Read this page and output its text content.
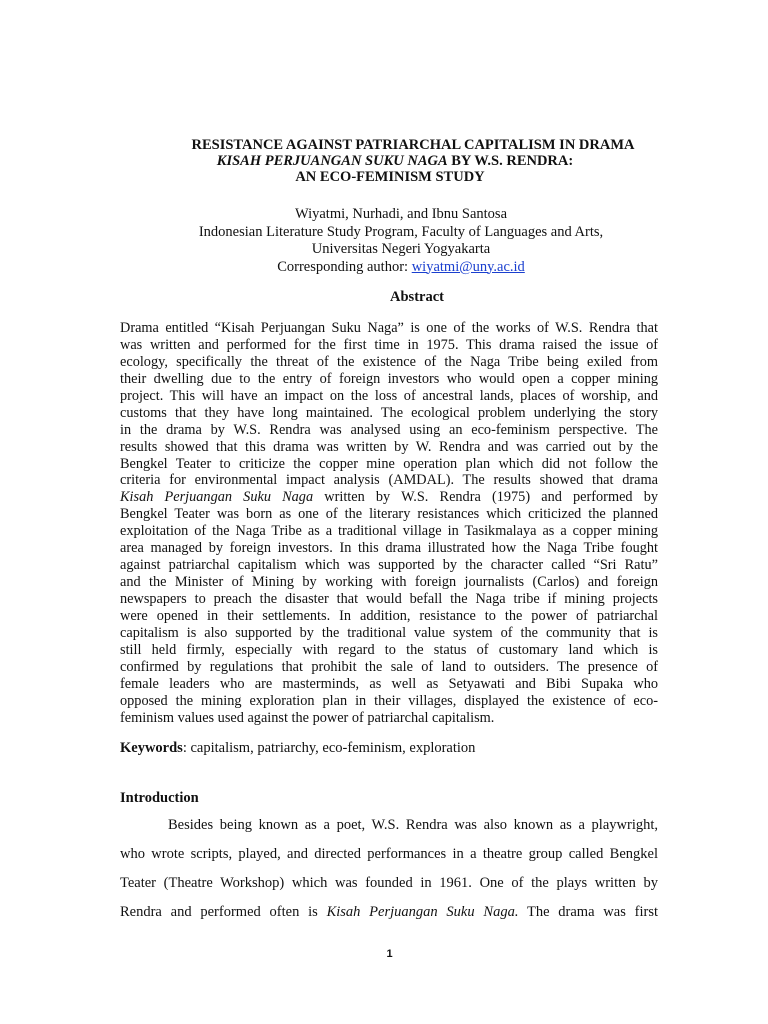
RESISTANCE AGAINST PATRIARCHAL CAPITALISM IN DRAMA
KISAH PERJUANGAN SUKU NAGA BY W.S. RENDRA:
AN ECO-FEMINISM STUDY
Wiyatmi, Nurhadi, and Ibnu Santosa
Indonesian Literature Study Program, Faculty of Languages and Arts,
Universitas Negeri Yogyakarta
Corresponding author: wiyatmi@uny.ac.id
Abstract
Drama entitled “Kisah Perjuangan Suku Naga” is one of the works of W.S. Rendra that
was written and performed for the first time in 1975. This drama raised the issue of
ecology, specifically the threat of the existence of the Naga Tribe being exiled from
their dwelling due to the entry of foreign investors who would open a copper mining
project. This will have an impact on the loss of ancestral lands, places of worship, and
customs that they have long maintained. The ecological problem underlying the story
in the drama by W.S. Rendra was analysed using an eco-feminism perspective. The
results showed that this drama was written by W. Rendra and was carried out by the
Bengkel Teater to criticize the copper mine operation plan which did not follow the
criteria for environmental impact analysis (AMDAL). The results showed that drama
Kisah Perjuangan Suku Naga written by W.S. Rendra (1975) and performed by
Bengkel Teater was born as one of the literary resistances which criticized the planned
exploitation of the Naga Tribe as a traditional village in Tasikmalaya as a copper mining
area managed by foreign investors. In this drama illustrated how the Naga Tribe fought
against patriarchal capitalism which was supported by the character called “Sri Ratu”
and the Minister of Mining by working with foreign journalists (Carlos) and foreign
newspapers to preach the disaster that would befall the Naga tribe if mining projects
were opened in their settlements. In addition, resistance to the power of patriarchal
capitalism is also supported by the traditional value system of the community that is
still held firmly, especially with regard to the status of customary land which is
confirmed by regulations that prohibit the sale of land to outsiders. The presence of
female leaders who are masterminds, as well as Setyawati and Bibi Supaka who
opposed the mining exploration plan in their villages, displayed the existence of eco-
feminism values used against the power of patriarchal capitalism.
Keywords: capitalism, patriarchy, eco-feminism, exploration
Introduction
Besides being known as a poet, W.S. Rendra was also known as a playwright,
who wrote scripts, played, and directed performances in a theatre group called Bengkel
Teater (Theatre Workshop) which was founded in 1961. One of the plays written by
Rendra and performed often is Kisah Perjuangan Suku Naga. The drama was first
1
